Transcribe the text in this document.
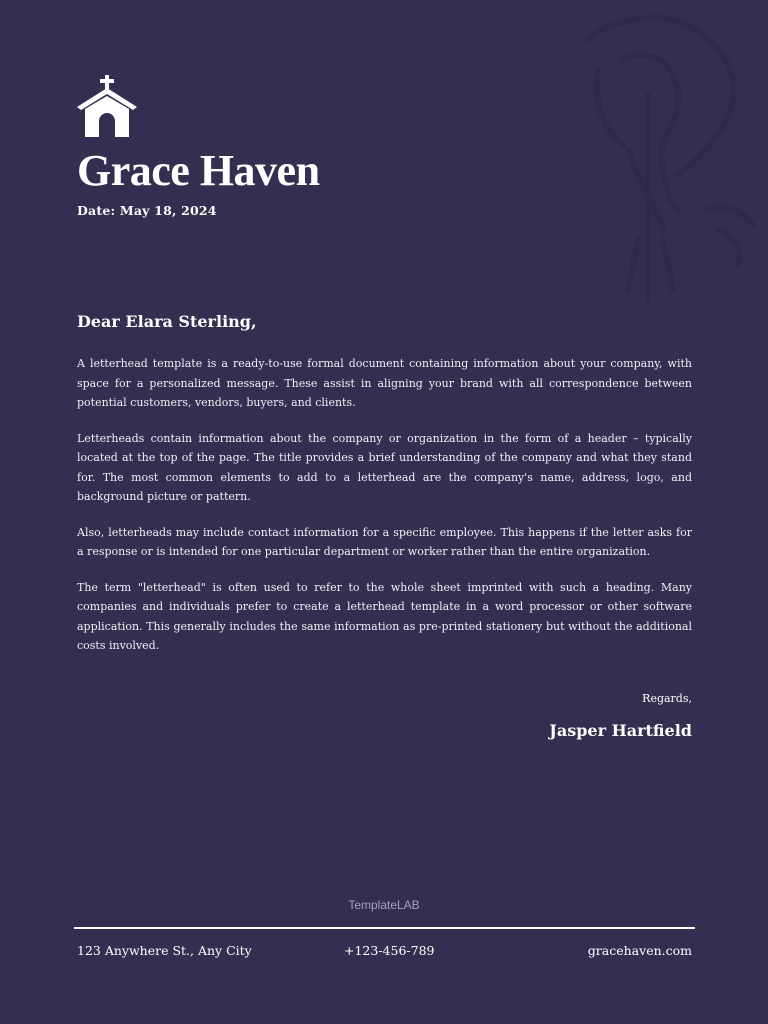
Grace Haven
Date: May 18, 2024
Dear Elara Sterling,

A letterhead template is a ready-to-use formal document containing information about your company, with space for a personalized message. These assist in aligning your brand with all correspondence between potential customers, vendors, buyers, and clients.

Letterheads contain information about the company or organization in the form of a header – typically located at the top of the page. The title provides a brief understanding of the company and what they stand for. The most common elements to add to a letterhead are the company's name, address, logo, and background picture or pattern.

Also, letterheads may include contact information for a specific employee. This happens if the letter asks for a response or is intended for one particular department or worker rather than the entire organization.

The term "letterhead" is often used to refer to the whole sheet imprinted with such a heading. Many companies and individuals prefer to create a letterhead template in a word processor or other software application. This generally includes the same information as pre-printed stationery but without the additional costs involved.

Regards,
Jasper Hartfield
TemplateLAB
123 Anywhere St., Any City	+123-456-789	gracehaven.com
